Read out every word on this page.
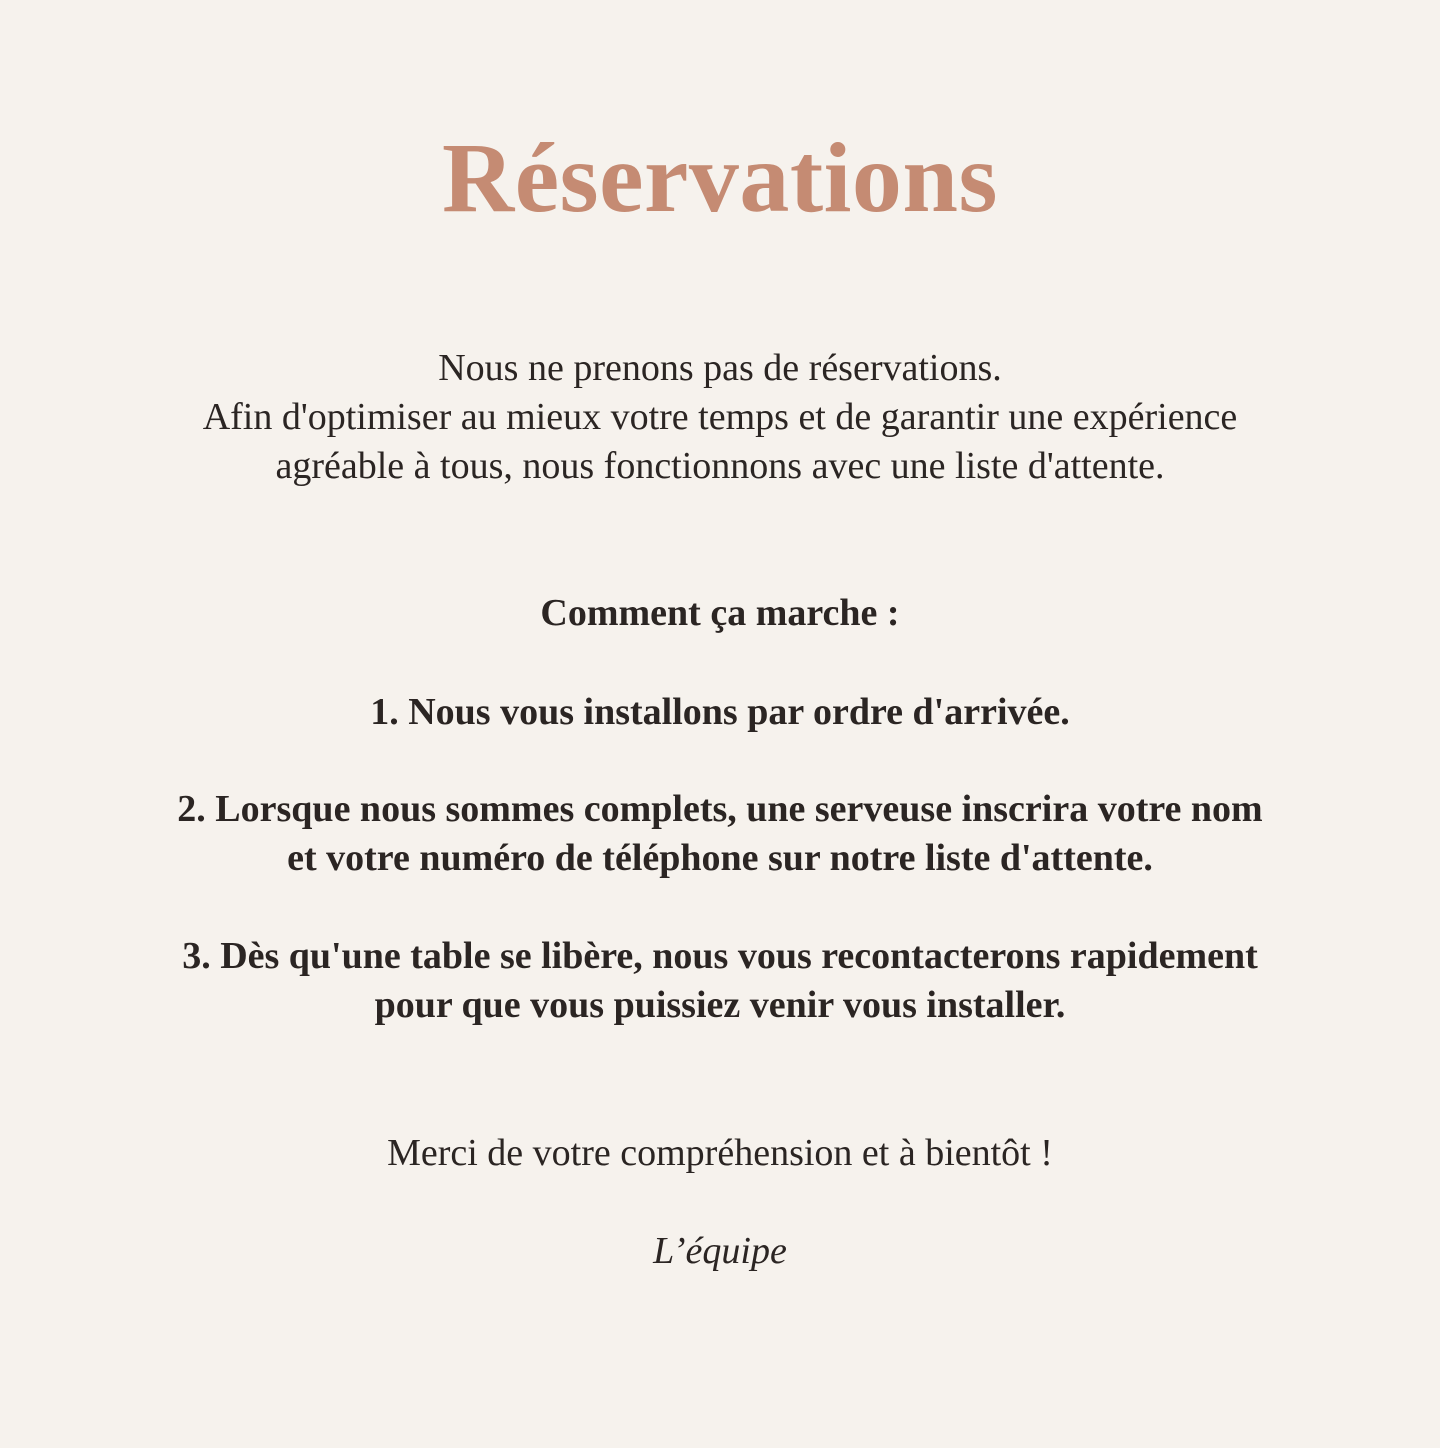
Réservations

Nous ne prenons pas de réservations.

Afin d'optimiser au mieux votre temps et de garantir une expérience

agréable à tous, nous fonctionnons avec une liste d'attente.

Comment ça marche :

1. Nous vous installons par ordre d'arrivée.

2. Lorsque nous sommes complets, une serveuse inscrira votre nom

et votre numéro de téléphone sur notre liste d'attente.

3. Dès qu'une table se libère, nous vous recontacterons rapidement

pour que vous puissiez venir vous installer.

Merci de votre compréhension et à bientôt !

L’équipe
